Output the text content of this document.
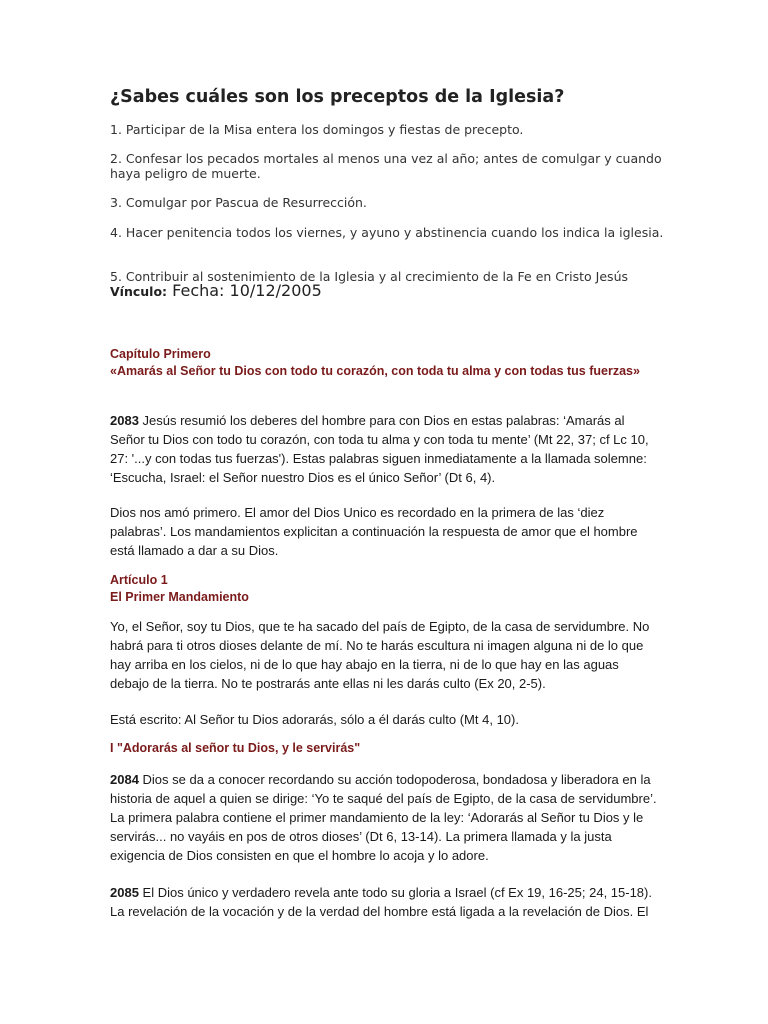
¿Sabes cuáles son los preceptos de la Iglesia?

1. Participar de la Misa entera los domingos y fiestas de precepto.

2. Confesar los pecados mortales al menos una vez al año; antes de comulgar y cuando haya peligro de muerte.

3. Comulgar por Pascua de Resurrección.

4. Hacer penitencia todos los viernes, y ayuno y abstinencia cuando los indica la iglesia.

5. Contribuir al sostenimiento de la Iglesia y al crecimiento de la Fe en Cristo Jesús

Vínculo: Fecha: 10/12/2005

Capítulo Primero
«Amarás al Señor tu Dios con todo tu corazón, con toda tu alma y con todas tus fuerzas»

2083 Jesús resumió los deberes del hombre para con Dios en estas palabras: ‘Amarás al Señor tu Dios con todo tu corazón, con toda tu alma y con toda tu mente’ (Mt 22, 37; cf Lc 10, 27: '...y con todas tus fuerzas'). Estas palabras siguen inmediatamente a la llamada solemne: ‘Escucha, Israel: el Señor nuestro Dios es el único Señor’ (Dt 6, 4).

Dios nos amó primero. El amor del Dios Unico es recordado en la primera de las ‘diez palabras’. Los mandamientos explicitan a continuación la respuesta de amor que el hombre está llamado a dar a su Dios.

Artículo 1
El Primer Mandamiento

Yo, el Señor, soy tu Dios, que te ha sacado del país de Egipto, de la casa de servidumbre. No habrá para ti otros dioses delante de mí. No te harás escultura ni imagen alguna ni de lo que hay arriba en los cielos, ni de lo que hay abajo en la tierra, ni de lo que hay en las aguas debajo de la tierra. No te postrarás ante ellas ni les darás culto (Ex 20, 2-5).

Está escrito: Al Señor tu Dios adorarás, sólo a él darás culto (Mt 4, 10).

I "Adorarás al señor tu Dios, y le servirás"

2084 Dios se da a conocer recordando su acción todopoderosa, bondadosa y liberadora en la historia de aquel a quien se dirige: ‘Yo te saqué del país de Egipto, de la casa de servidumbre’. La primera palabra contiene el primer mandamiento de la ley: ‘Adorarás al Señor tu Dios y le servirás... no vayáis en pos de otros dioses’ (Dt 6, 13-14). La primera llamada y la justa exigencia de Dios consisten en que el hombre lo acoja y lo adore.

2085 El Dios único y verdadero revela ante todo su gloria a Israel (cf Ex 19, 16-25; 24, 15-18). La revelación de la vocación y de la verdad del hombre está ligada a la revelación de Dios. El
